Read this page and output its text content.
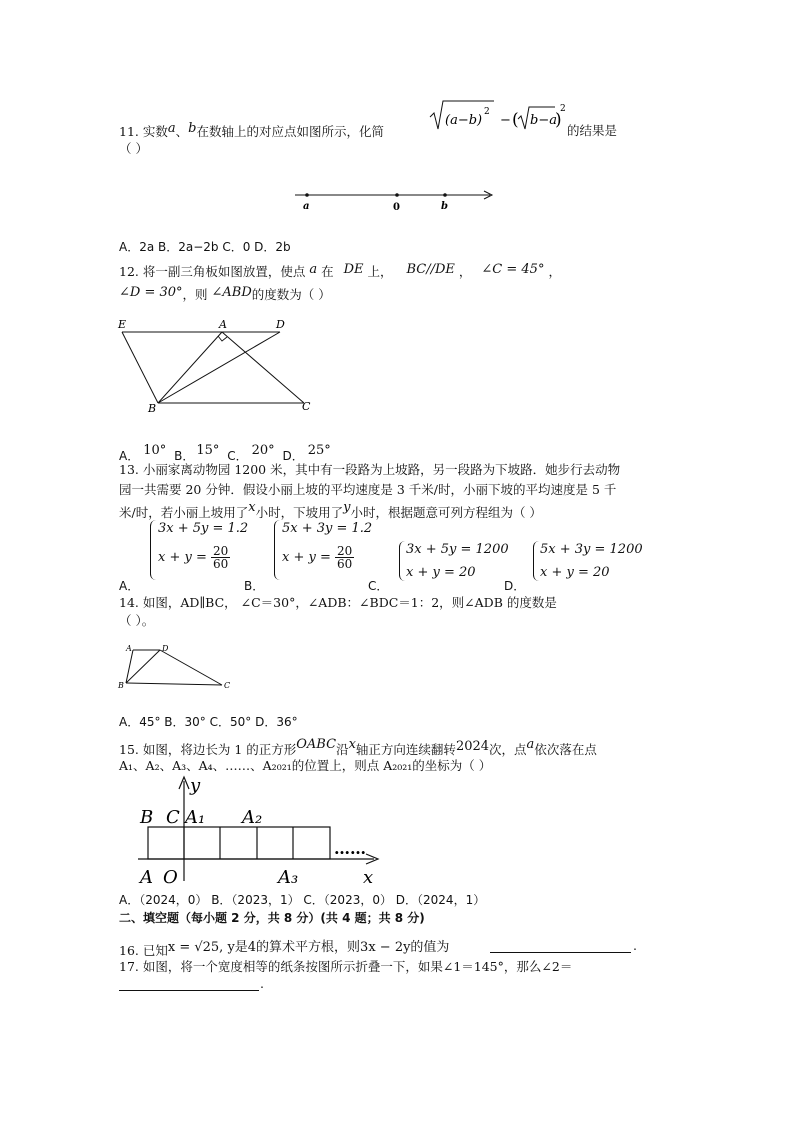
11. 实数a、b在数轴上的对应点如图所示，化简
(a−b)
2
− ( b−a
)
2
的结果是
（ ）
a	0	b
A．2a B．2a−2b C．0 D．2b
12. 将一副三角板如图放置，使点 a 在 DE 上， BC//DE ， ∠C = 45° ，
∠D = 30°，则 ∠ABD的度数为（ ）
E	A	D
B	C
A． 10° B． 15° C． 20° D． 25°
13. 小丽家离动物园 1200 米，其中有一段路为上坡路，另一段路为下坡路．她步行去动物
园一共需要 20 分钟．假设小丽上坡的平均速度是 3 千米/时，小丽下坡的平均速度是 5 千
米/时，若小丽上坡用了x小时，下坡用了y小时，根据题意可列方程组为（ ）
3x + 5y = 1.2
$x + y = \frac{20}{60}$
5x + 3y = 1.2
$x + y = \frac{20}{60}$	3x + 5y = 1200
x + y = 20
5x + 3y = 1200
x + y = 20
A．	B．	C．	D．
14. 如图，AD∥BC， ∠C＝30°，∠ADB：∠BDC＝1：2，则∠ADB 的度数是
（ ）。
A	D
B	C
A．45° B．30° C．50° D．36°
15. 如图，将边长为 1 的正方形OABC沿x轴正方向连续翻转2024次，点a依次落在点
A₁、A₂、A₃、A₄、……、A₂₀₂₁的位置上，则点 A₂₀₂₁的坐标为（ ）
……
y
B C A₁ A₂
A O	A₃	x
A．（2024，0） B．（2023，1） C．（2023，0） D．（2024，1）
二、填空题（每小题 2 分，共 8 分）(共 4 题；共 8 分)
16. 已知x = √25, y是4的算术平方根，则3x − 2y的值为	.
17. 如图，将一个宽度相等的纸条按图所示折叠一下，如果∠1＝145°，那么∠2＝
.
